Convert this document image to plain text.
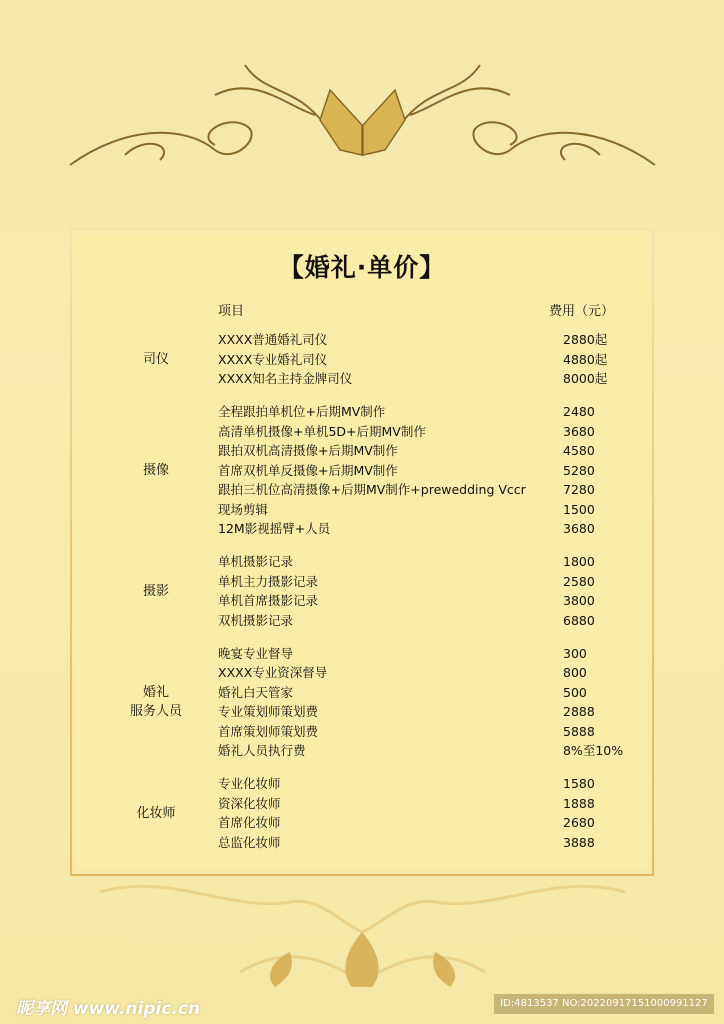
【婚礼·单价】
项目	费用（元）
司仪
XXXX普通婚礼司仪	2880起
XXXX专业婚礼司仪	4880起
XXXX知名主持金牌司仪	8000起
摄像
全程跟拍单机位+后期MV制作	2480
高清单机摄像+单机5D+后期MV制作	3680
跟拍双机高清摄像+后期MV制作	4580
首席双机单反摄像+后期MV制作	5280
跟拍三机位高清摄像+后期MV制作+prewedding Vccr	7280
现场剪辑	1500
12M影视摇臂+人员	3680
摄影
单机摄影记录	1800
单机主力摄影记录	2580
单机首席摄影记录	3800
双机摄影记录	6880
婚礼
服务人员
晚宴专业督导	300
XXXX专业资深督导	800
婚礼白天管家	500
专业策划师策划费	2888
首席策划师策划费	5888
婚礼人员执行费	8%至10%
化妆师
专业化妆师	1580
资深化妆师	1888
首席化妆师	2680
总监化妆师	3888
昵享网 www.nipic.cn	ID:4813537 NO:20220917151000991127
